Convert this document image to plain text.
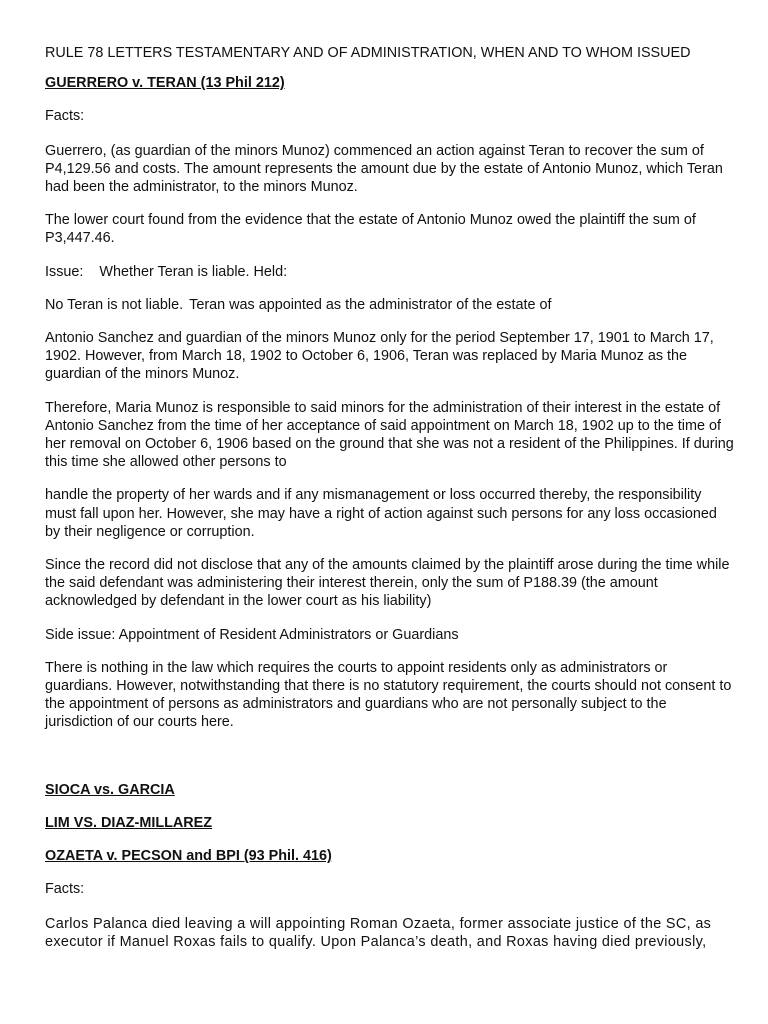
RULE 78 LETTERS TESTAMENTARY AND OF ADMINISTRATION, WHEN AND TO WHOM ISSUED

GUERRERO v. TERAN (13 Phil 212)

Facts:

Guerrero, (as guardian of the minors Munoz) commenced an action against Teran to recover the sum of P4,129.56 and costs. The amount represents the amount due by the estate of Antonio Munoz, which Teran had been the administrator, to the minors Munoz.

The lower court found from the evidence that the estate of Antonio Munoz owed the plaintiff the sum of P3,447.46.

Issue: Whether Teran is liable. Held:

No Teran is not liable. Teran was appointed as the administrator of the estate of

Antonio Sanchez and guardian of the minors Munoz only for the period September 17, 1901 to March 17, 1902. However, from March 18, 1902 to October 6, 1906, Teran was replaced by Maria Munoz as the guardian of the minors Munoz.

Therefore, Maria Munoz is responsible to said minors for the administration of their interest in the estate of Antonio Sanchez from the time of her acceptance of said appointment on March 18, 1902 up to the time of her removal on October 6, 1906 based on the ground that she was not a resident of the Philippines. If during this time she allowed other persons to

handle the property of her wards and if any mismanagement or loss occurred thereby, the responsibility must fall upon her. However, she may have a right of action against such persons for any loss occasioned by their negligence or corruption.

Since the record did not disclose that any of the amounts claimed by the plaintiff arose during the time while the said defendant was administering their interest therein, only the sum of P188.39 (the amount acknowledged by defendant in the lower court as his liability)

Side issue: Appointment of Resident Administrators or Guardians

There is nothing in the law which requires the courts to appoint residents only as administrators or guardians. However, notwithstanding that there is no statutory requirement, the courts should not consent to the appointment of persons as administrators and guardians who are not personally subject to the jurisdiction of our courts here.

SIOCA vs. GARCIA

LIM VS. DIAZ-MILLAREZ

OZAETA v. PECSON and BPI (93 Phil. 416)

Facts:

Carlos Palanca died leaving a will appointing Roman Ozaeta, former associate justice of the SC, as executor if Manuel Roxas fails to qualify. Upon Palanca’s death, and Roxas having died previously,
